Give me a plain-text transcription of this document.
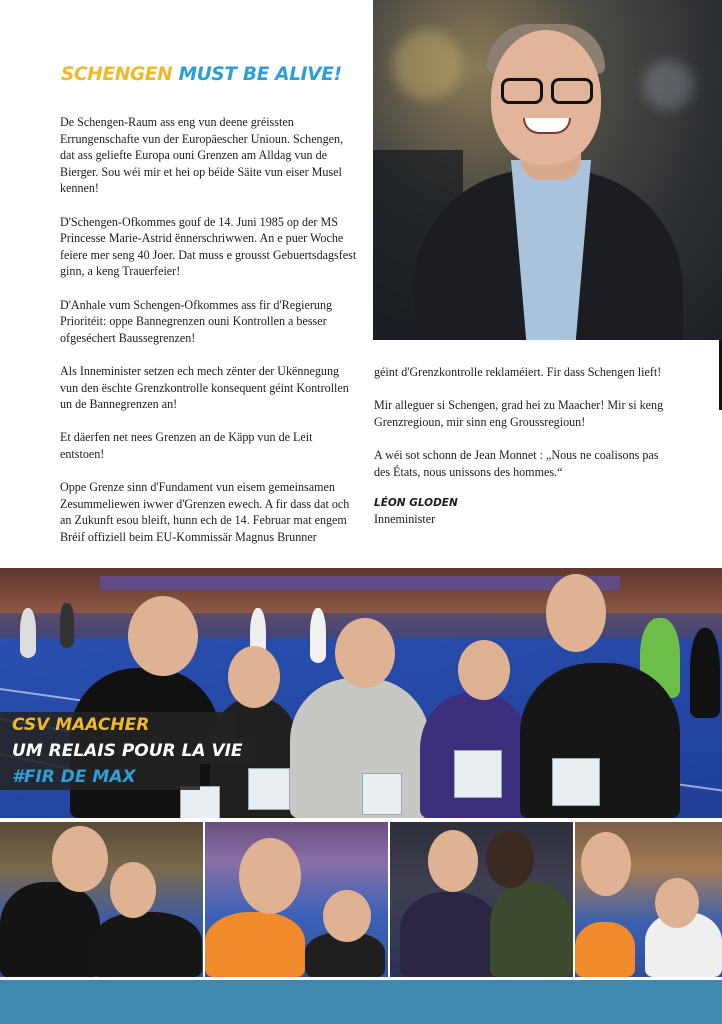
SCHENGEN MUST BE ALIVE!

De Schengen-Raum ass eng vun deene gréissten Errungenschafte vun der Europäescher Unioun. Schengen, dat ass geliefte Europa ouni Grenzen am Alldag vun de Bierger. Sou wéi mir et hei op béide Säite vun eiser Musel kennen!

D'Schengen-Ofkommes gouf de 14. Juni 1985 op der MS Princesse Marie-Astrid ënnerschriwwen. An e puer Woche feiere mer seng 40 Joer. Dat muss e grousst Gebuertsdagsfest ginn, a keng Trauerfeier!

D'Anhale vum Schengen-Ofkommes ass fir d'Regierung Prioritéit: oppe Bannegrenzen ouni Kontrollen a besser ofgeséchert Baussegrenzen!

Als Inneminister setzen ech mech zënter der Ukënnegung vun den ëschte Grenzkontrolle konsequent géint Kontrollen un de Bannegrenzen an!

Et däerfen net nees Grenzen an de Käpp vun de Leit entstoen!

Oppe Grenze sinn d'Fundament vun eisem gemeinsamen Zesummeliewen iwwer d'Grenzen ewech. A fir dass dat och an Zukunft esou bleift, hunn ech de 14. Februar mat engem Bréif offiziell beim EU-Kommissär Magnus Brunner

géint d'Grenzkontrolle reklaméiert. Fir dass Schengen lieft!

Mir alleguer si Schengen, grad hei zu Maacher! Mir si keng Grenzregioun, mir sinn eng Groussregioun!

A wéi sot schonn de Jean Monnet : „Nous ne coalisons pas des États, nous unissons des hommes.“

LÉON GLODEN

Inneminister

CSV MAACHER
UM RELAIS POUR LA VIE
#FIR DE MAX
